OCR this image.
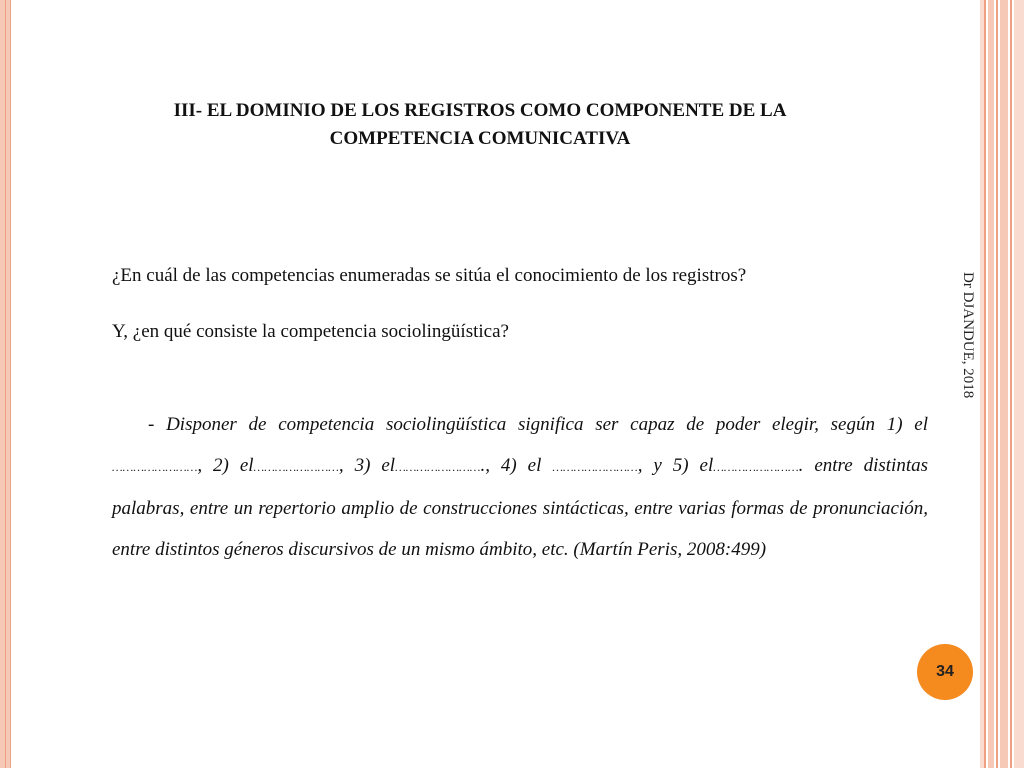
III- EL DOMINIO DE LOS REGISTROS COMO COMPONENTE DE LA
COMPETENCIA COMUNICATIVA

¿En cuál de las competencias enumeradas se sitúa el conocimiento de los registros?

Y, ¿en qué consiste la competencia sociolingüística?

- Disponer de competencia sociolingüística significa ser capaz de poder elegir, según 1) el ……………………, 2) el……………………, 3) el……………………., 4) el ……………………, y 5) el……………………. entre distintas palabras, entre un repertorio amplio de construcciones sintácticas, entre varias formas de pronunciación, entre distintos géneros discursivos de un mismo ámbito, etc. (Martín Peris, 2008:499)

Dr DJANDUE, 2018
34
